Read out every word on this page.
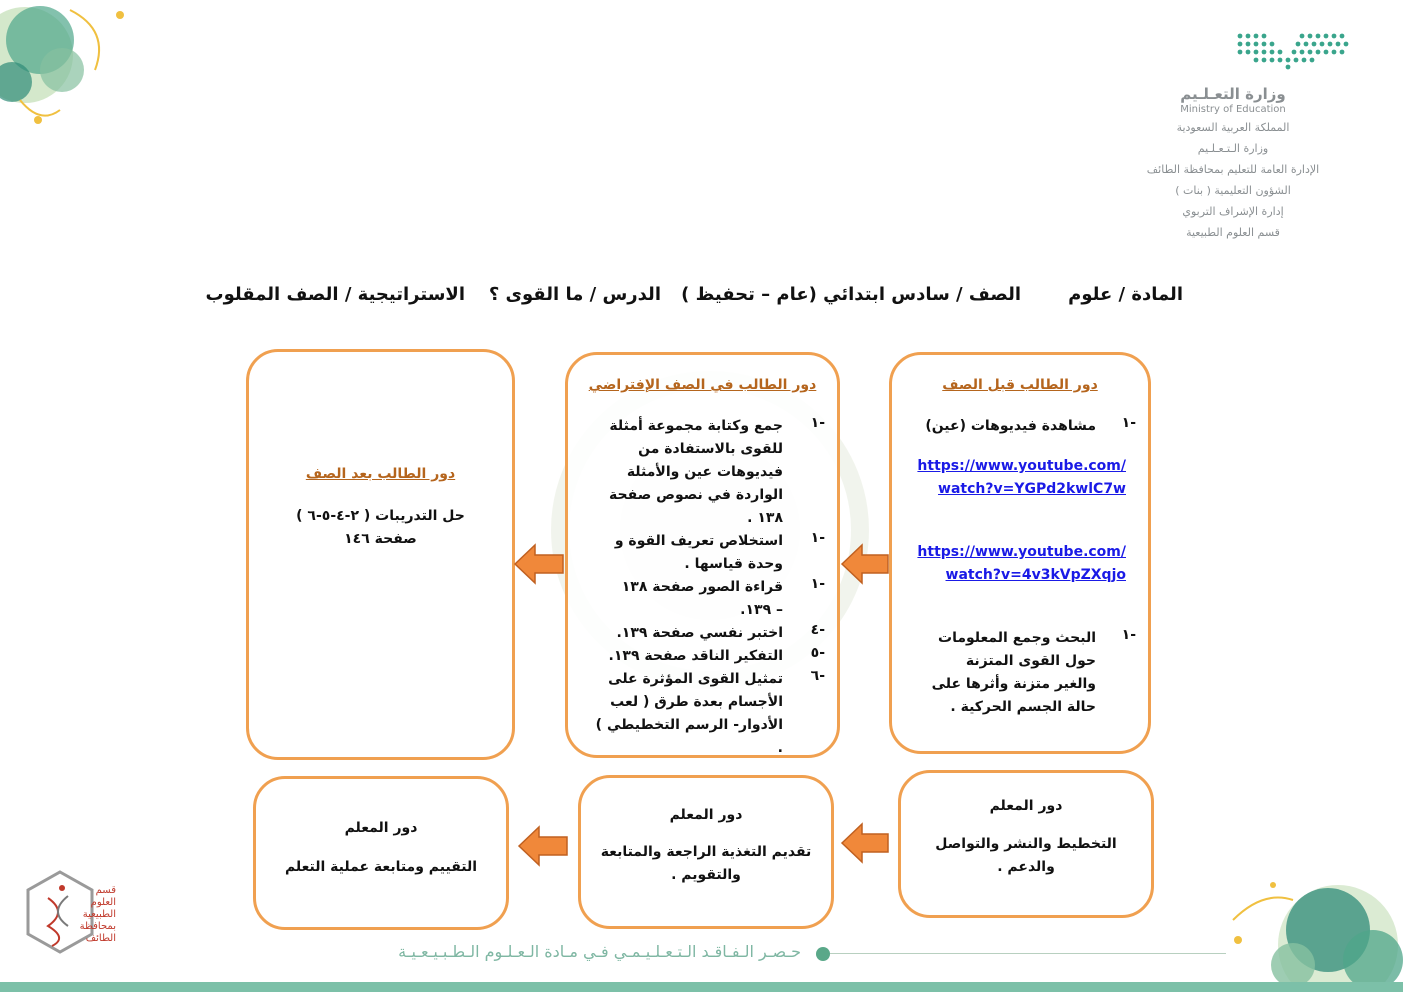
وزارة التعـلـيم
Ministry of Education
المملكة العربية السعودية
وزارة الـتـعـلـيم
الإدارة العامة للتعليم بمحافظة الطائف
الشؤون التعليمية ( بنات )
إدارة الإشراف التربوي
قسم العلوم الطبيعية
المادة / علوم
الصف / سادس ابتدائي (عام – تحفيظ )
الدرس / ما القوى ؟
الاستراتيجية / الصف المقلوب
دور الطالب قبل الصف
١-
مشاهدة فيديوهات (عين)
https://www.youtube.com/watch?v=YGPd2kwlC7w
https://www.youtube.com/watch?v=4v3kVpZXqjo
١-
البحث وجمع المعلومات حول القوى المتزنة والغير متزنة وأثرها على حالة الجسم الحركية .
دور الطالب في الصف الإفتراضي
١-
جمع وكتابة مجموعة أمثلة للقوى بالاستفادة من فيديوهات عين والأمثلة الواردة في نصوص صفحة ١٣٨ .
١-
استخلاص تعريف القوة و وحدة قياسها .
١-
قراءة الصور صفحة ١٣٨ – ١٣٩.
٤-
اختبر نفسي صفحة ١٣٩.
٥-
التفكير الناقد صفحة ١٣٩.
٦-
تمثيل القوى المؤثرة على الأجسام بعدة طرق ( لعب الأدوار- الرسم التخطيطي ) .
دور الطالب بعد الصف
حل التدريبات ( ٢-٤-٥-٦ )
صفحة ١٤٦
دور المعلم
التخطيط والنشر والتواصل والدعم .
دور المعلم
تقديم التغذية الراجعة والمتابعة والتقويم .
دور المعلم
التقييم ومتابعة عملية التعلم
قسم العلوم الطبيعية بمحافظة الطائف
حـصـر الـفـاقـد الـتـعـلـيـمـي فـي مـادة الـعـلـوم الـطـبـيـعـيـة
